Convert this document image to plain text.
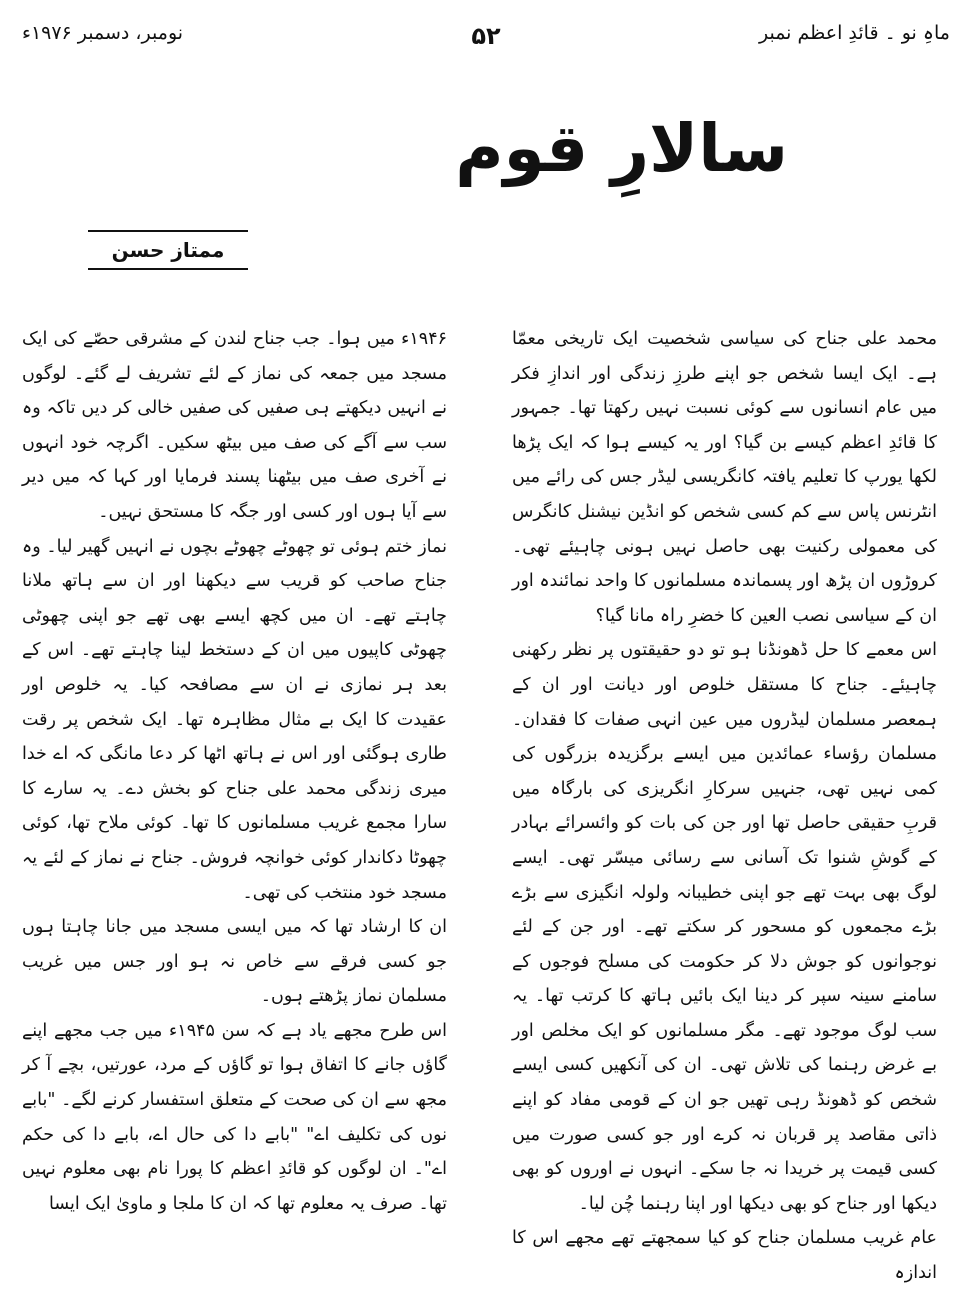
ماہِ نو ۔ قائدِ اعظم نمبر
۵۲
نومبر، دسمبر ۱۹۷۶ء
سالارِ قوم
ممتاز حسن

محمد علی جناح کی سیاسی شخصیت ایک تاریخی معمّا ہے۔ ایک ایسا شخص جو اپنے طرزِ زندگی اور اندازِ فکر میں عام انسانوں سے کوئی نسبت نہیں رکھتا تھا۔ جمہور کا قائدِ اعظم کیسے بن گیا؟ اور یہ کیسے ہوا کہ ایک پڑھا لکھا یورپ کا تعلیم یافتہ کانگریسی لیڈر جس کی رائے میں انٹرنس پاس سے کم کسی شخص کو انڈین نیشنل کانگرس کی معمولی رکنیت بھی حاصل نہیں ہونی چاہیئے تھی۔ کروڑوں ان پڑھ اور پسماندہ مسلمانوں کا واحد نمائندہ اور ان کے سیاسی نصب العین کا خضرِ راہ مانا گیا؟

اس معمے کا حل ڈھونڈنا ہو تو دو حقیقتوں پر نظر رکھنی چاہیئے۔ جناح کا مستقل خلوص اور دیانت اور ان کے ہمعصر مسلمان لیڈروں میں عین انہی صفات کا فقدان۔ مسلمان رؤساء عمائدین میں ایسے برگزیدہ بزرگوں کی کمی نہیں تھی، جنہیں سرکارِ انگریزی کی بارگاہ میں قربِ حقیقی حاصل تھا اور جن کی بات کو وائسرائے بہادر کے گوشِ شنوا تک آسانی سے رسائی میسّر تھی۔ ایسے لوگ بھی بہت تھے جو اپنی خطیبانہ ولولہ انگیزی سے بڑے بڑے مجمعوں کو مسحور کر سکتے تھے۔ اور جن کے لئے نوجوانوں کو جوش دلا کر حکومت کی مسلح فوجوں کے سامنے سینہ سپر کر دینا ایک بائیں ہاتھ کا کرتب تھا۔ یہ سب لوگ موجود تھے۔ مگر مسلمانوں کو ایک مخلص اور بے غرض رہنما کی تلاش تھی۔ ان کی آنکھیں کسی ایسے شخص کو ڈھونڈ رہی تھیں جو ان کے قومی مفاد کو اپنے ذاتی مقاصد پر قربان نہ کرے اور جو کسی صورت میں کسی قیمت پر خریدا نہ جا سکے۔ انہوں نے اوروں کو بھی دیکھا اور جناح کو بھی دیکھا اور اپنا رہنما چُن لیا۔

عام غریب مسلمان جناح کو کیا سمجھتے تھے مجھے اس کا اندازہ

۱۹۴۶ء میں ہوا۔ جب جناح لندن کے مشرقی حصّے کی ایک مسجد میں جمعہ کی نماز کے لئے تشریف لے گئے۔ لوگوں نے انہیں دیکھتے ہی صفیں کی صفیں خالی کر دیں تاکہ وہ سب سے آگے کی صف میں بیٹھ سکیں۔ اگرچہ خود انہوں نے آخری صف میں بیٹھنا پسند فرمایا اور کہا کہ میں دیر سے آیا ہوں اور کسی اور جگہ کا مستحق نہیں۔

نماز ختم ہوئی تو چھوٹے چھوٹے بچوں نے انہیں گھیر لیا۔ وہ جناح صاحب کو قریب سے دیکھنا اور ان سے ہاتھ ملانا چاہتے تھے۔ ان میں کچھ ایسے بھی تھے جو اپنی چھوٹی چھوٹی کاپیوں میں ان کے دستخط لینا چاہتے تھے۔ اس کے بعد ہر نمازی نے ان سے مصافحہ کیا۔ یہ خلوص اور عقیدت کا ایک بے مثال مظاہرہ تھا۔ ایک شخص پر رقت طاری ہوگئی اور اس نے ہاتھ اٹھا کر دعا مانگی کہ اے خدا میری زندگی محمد علی جناح کو بخش دے۔ یہ سارے کا سارا مجمع غریب مسلمانوں کا تھا۔ کوئی ملاح تھا، کوئی چھوٹا دکاندار کوئی خوانچہ فروش۔ جناح نے نماز کے لئے یہ مسجد خود منتخب کی تھی۔

ان کا ارشاد تھا کہ میں ایسی مسجد میں جانا چاہتا ہوں جو کسی فرقے سے خاص نہ ہو اور جس میں غریب مسلمان نماز پڑھتے ہوں۔

اس طرح مجھے یاد ہے کہ سن ۱۹۴۵ء میں جب مجھے اپنے گاؤں جانے کا اتفاق ہوا تو گاؤں کے مرد، عورتیں، بچے آ کر مجھ سے ان کی صحت کے متعلق استفسار کرنے لگے۔ "بابے نوں کی تکلیف اے" "بابے دا کی حال اے، بابے دا کی حکم اے"۔ ان لوگوں کو قائدِ اعظم کا پورا نام بھی معلوم نہیں تھا۔ صرف یہ معلوم تھا کہ ان کا ملجا و ماویٰ ایک ایسا
